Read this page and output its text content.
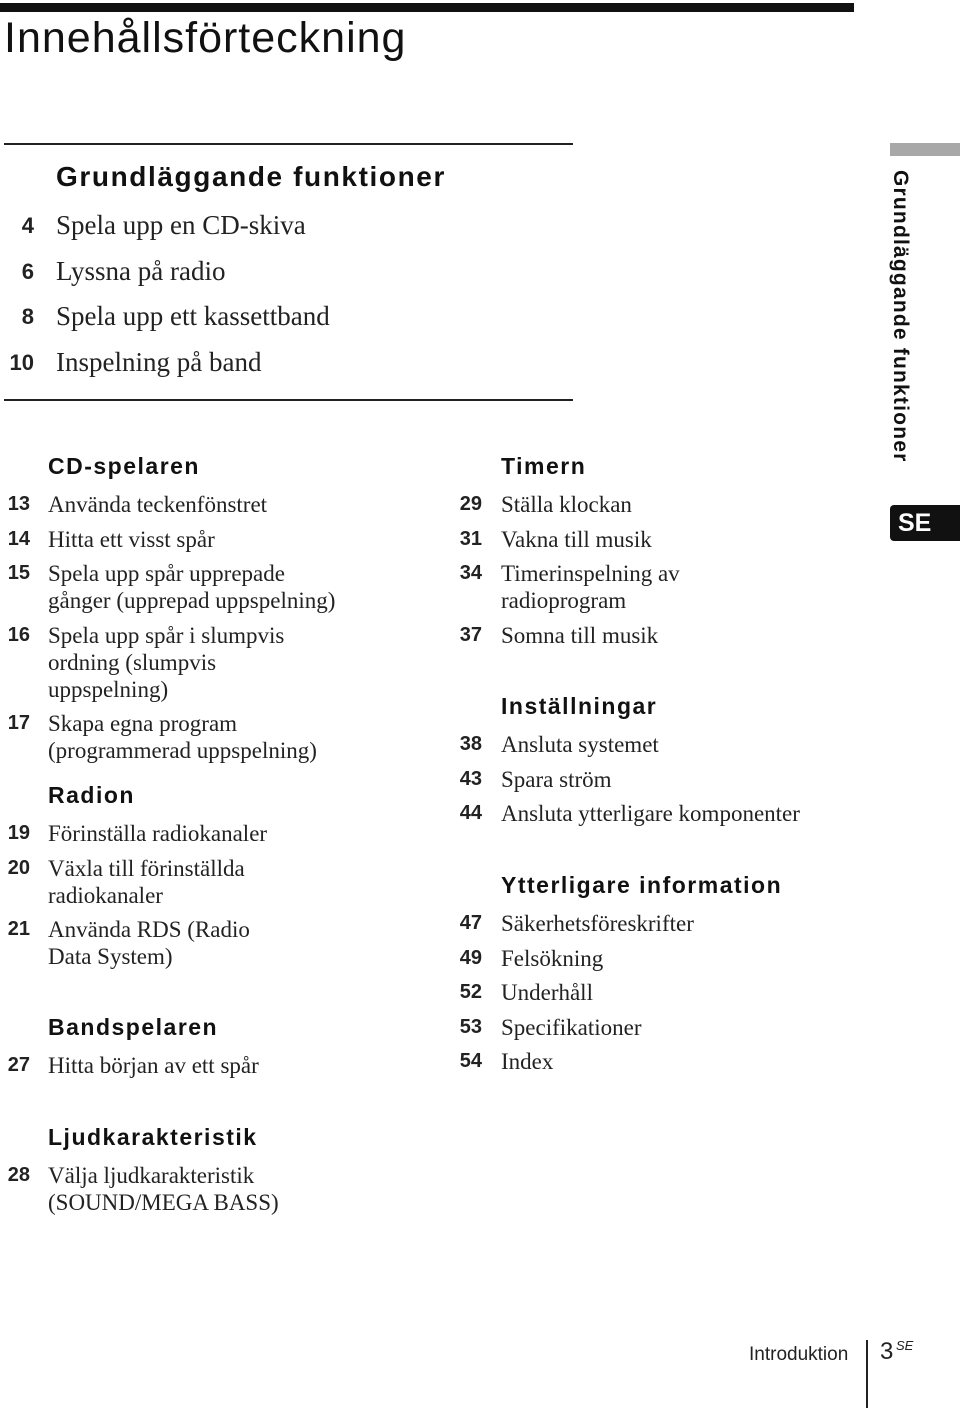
Innehållsförteckning
Grundläggande funktioner
4 Spela upp en CD-skiva
6 Lyssna på radio
8 Spela upp ett kassettband
10 Inspelning på band
CD-spelaren
13 Använda teckenfönstret
14 Hitta ett visst spår
15 Spela upp spår upprepade gånger (upprepad uppspelning)
16 Spela upp spår i slumpvis ordning (slumpvis uppspelning)
17 Skapa egna program (programmerad uppspelning)
Radion
19 Förinställa radiokanaler
20 Växla till förinställda radiokanaler
21 Använda RDS (Radio Data System)
Bandspelaren
27 Hitta början av ett spår
Ljudkarakteristik
28 Välja ljudkarakteristik (SOUND/MEGA BASS)
Timern
29 Ställa klockan
31 Vakna till musik
34 Timerinspelning av radioprogram
37 Somna till musik
Inställningar
38 Ansluta systemet
43 Spara ström
44 Ansluta ytterligare komponenter
Ytterligare information
47 Säkerhetsföreskrifter
49 Felsökning
52 Underhåll
53 Specifikationer
54 Index
Grundläggande funktioner
SE
Introduktion 3 SE
